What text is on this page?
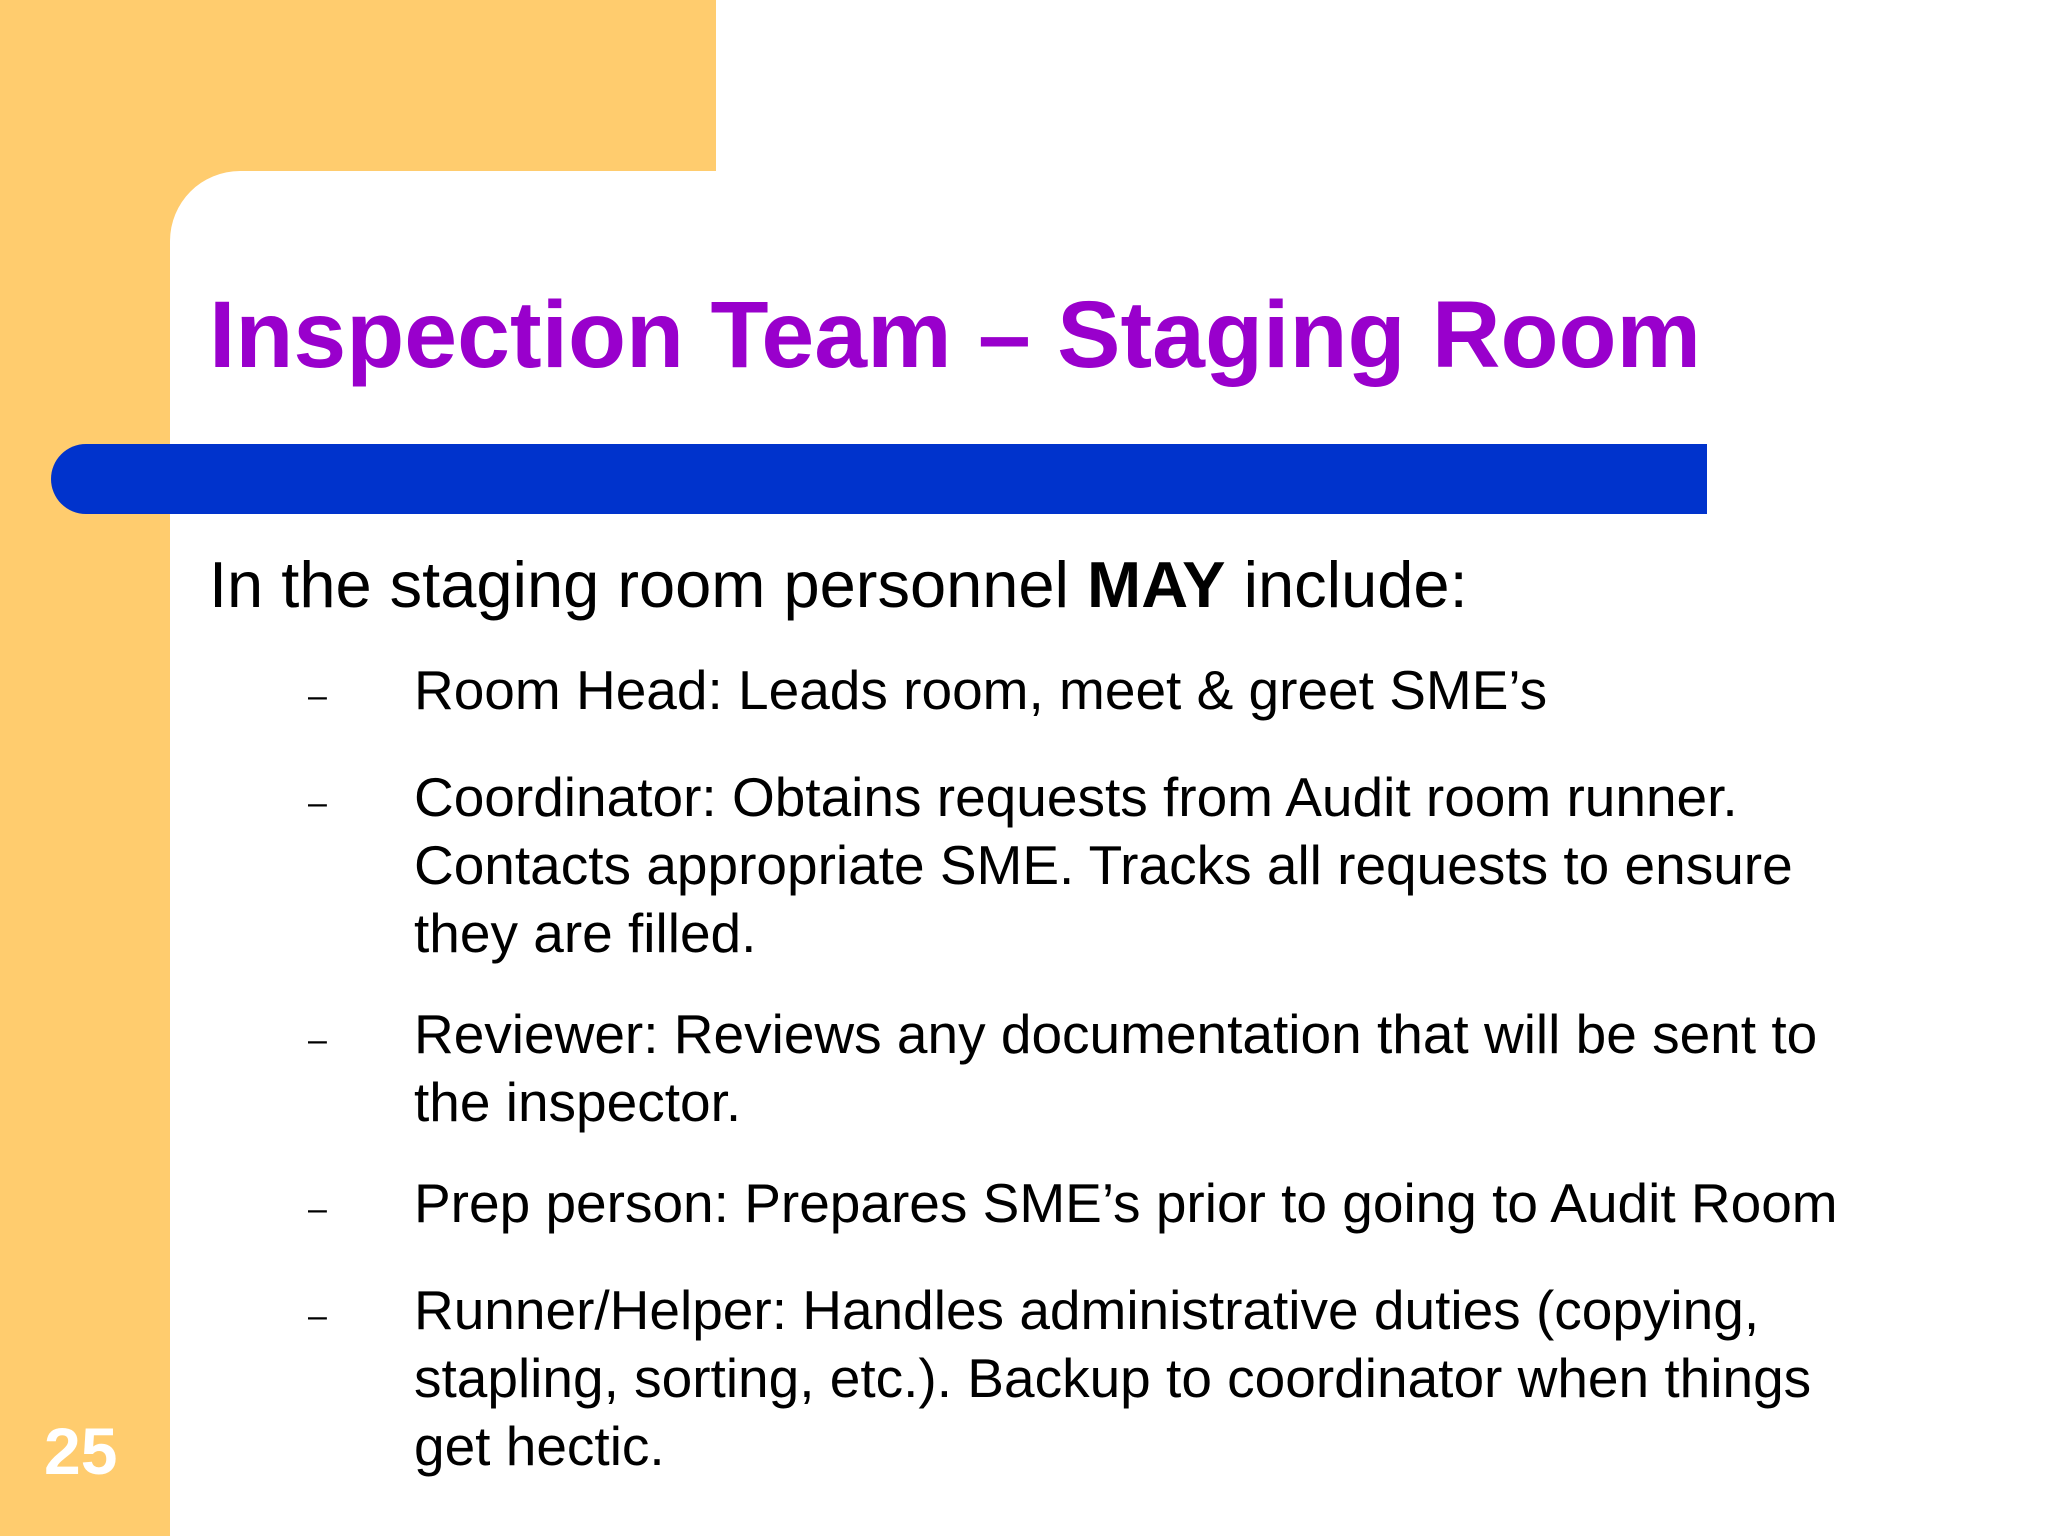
Inspection Team – Staging Room

In the staging room personnel MAY include:

–	Room Head: Leads room, meet & greet SME’s
–	Coordinator: Obtains requests from Audit room runner. Contacts appropriate SME. Tracks all requests to ensure they are filled.
–	Reviewer: Reviews any documentation that will be sent to the inspector.
–	Prep person: Prepares SME’s prior to going to Audit Room
–	Runner/Helper: Handles administrative duties (copying, stapling, sorting, etc.). Backup to coordinator when things get hectic.
25
